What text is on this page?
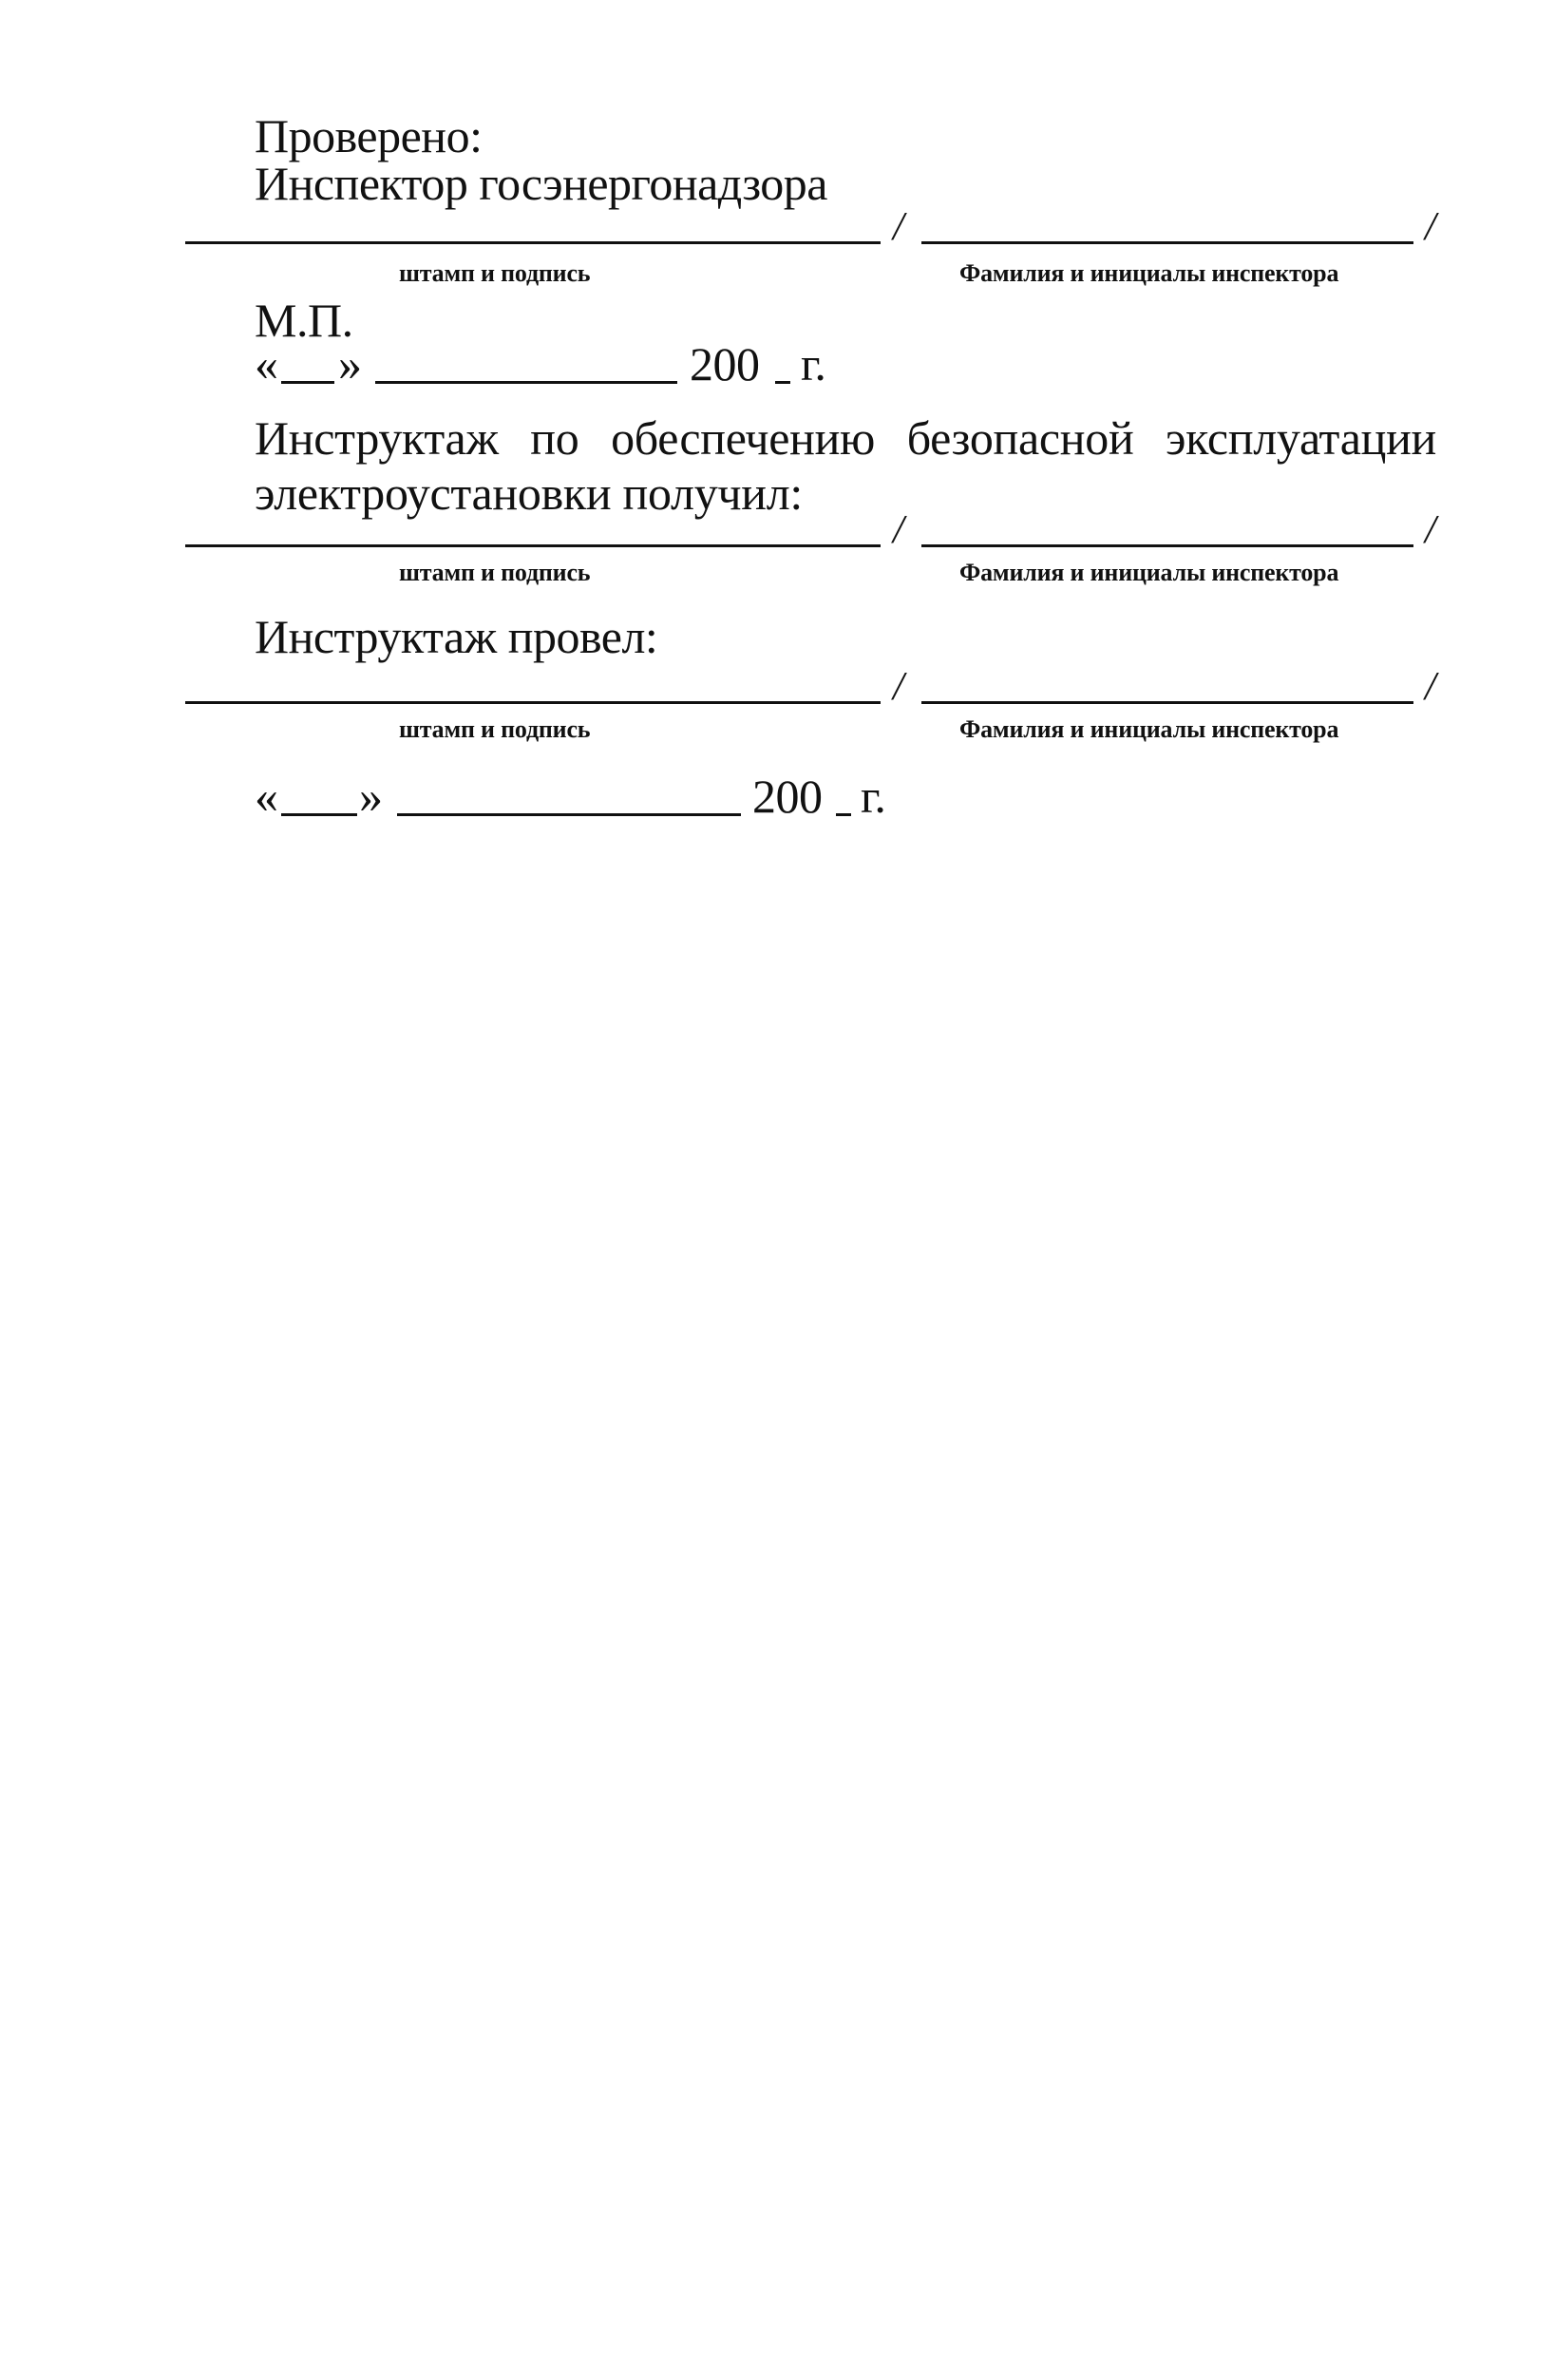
Проверено:
Инспектор госэнергонадзора
/	/
штамп и подпись	Фамилия и инициалы инспектора
М.П.
« »	200 г.
Инструктаж по обеспечению безопасной эксплуатации электроустановки получил:
/	/
штамп и подпись	Фамилия и инициалы инспектора
Инструктаж провел:
/	/
штамп и подпись	Фамилия и инициалы инспектора
« »	200 г.
